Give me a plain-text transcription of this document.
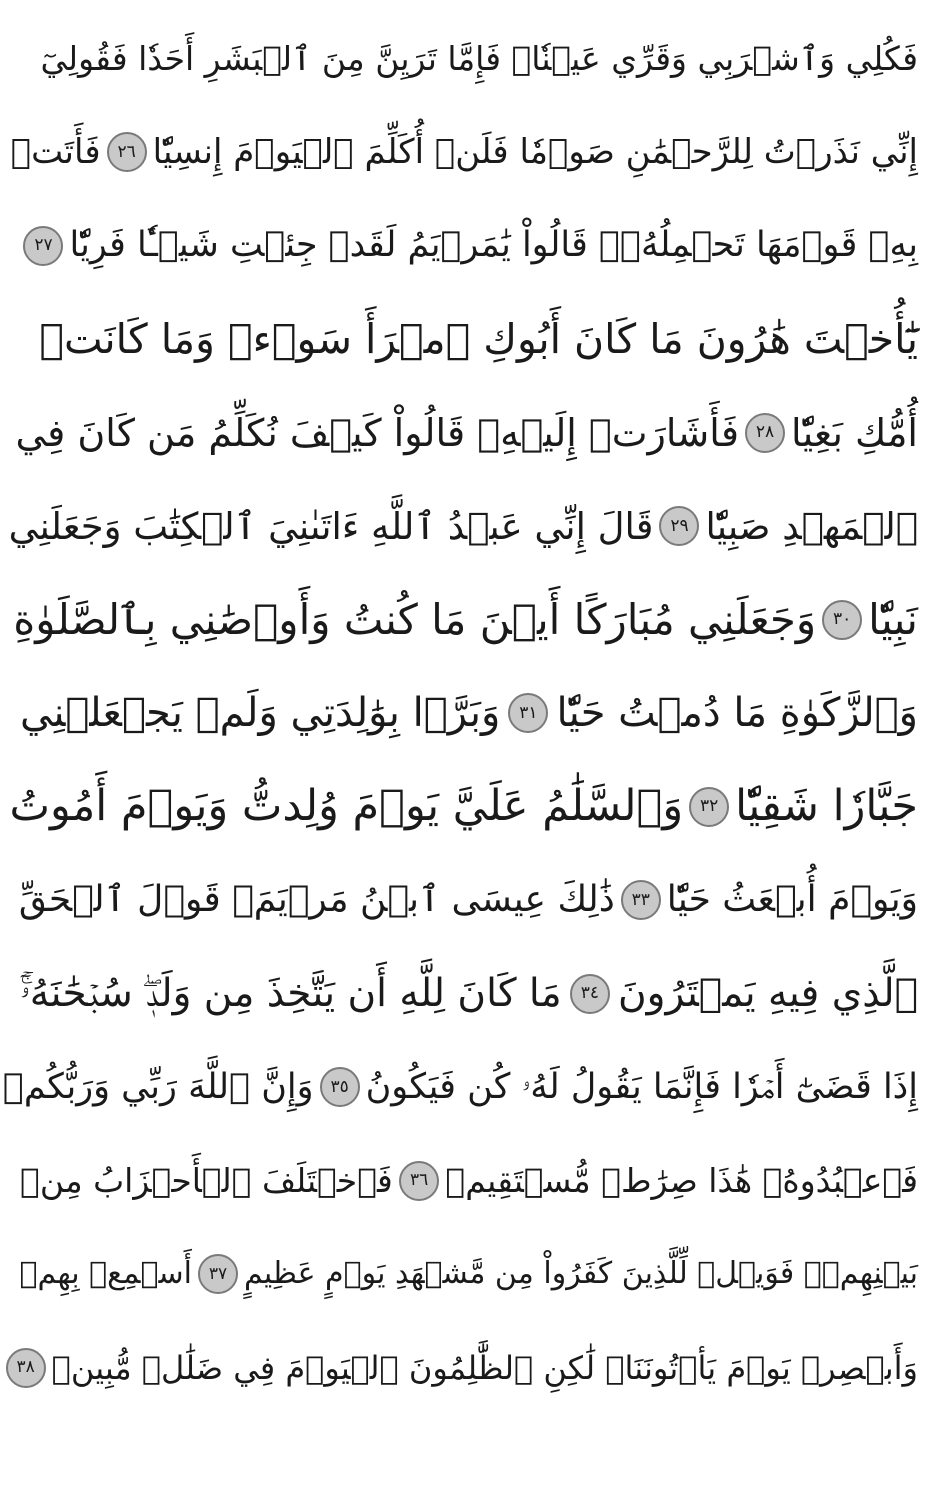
فَكُلِي وَٱشۡرَبِي وَقَرِّي عَيۡنٗاۖ فَإِمَّا تَرَيِنَّ مِنَ ٱلۡبَشَرِ أَحَدٗا فَقُولِيٓ
إِنِّي نَذَرۡتُ لِلرَّحۡمَٰنِ صَوۡمٗا فَلَنۡ أُكَلِّمَ ٱلۡيَوۡمَ إِنسِيّٗا
٢٦
فَأَتَتۡ
بِهِۦ قَوۡمَهَا تَحۡمِلُهُۥۖ قَالُواْ يَٰمَرۡيَمُ لَقَدۡ جِئۡتِ شَيۡـٔٗا فَرِيّٗا
٢٧
يَٰٓأُخۡتَ هَٰرُونَ مَا كَانَ أَبُوكِ ٱمۡرَأَ سَوۡءٖ وَمَا كَانَتۡ
أُمُّكِ بَغِيّٗا
٢٨
فَأَشَارَتۡ إِلَيۡهِۖ قَالُواْ كَيۡفَ نُكَلِّمُ مَن كَانَ فِي
ٱلۡمَهۡدِ صَبِيّٗا
٢٩
قَالَ إِنِّي عَبۡدُ ٱللَّهِ ءَاتَىٰنِيَ ٱلۡكِتَٰبَ وَجَعَلَنِي
نَبِيّٗا
٣٠
وَجَعَلَنِي مُبَارَكًا أَيۡنَ مَا كُنتُ وَأَوۡصَٰنِي بِٱلصَّلَوٰةِ
وَٱلزَّكَوٰةِ مَا دُمۡتُ حَيّٗا
٣١
وَبَرَّۢا بِوَٰلِدَتِي وَلَمۡ يَجۡعَلۡنِي
جَبَّارٗا شَقِيّٗا
٣٢
وَٱلسَّلَٰمُ عَلَيَّ يَوۡمَ وُلِدتُّ وَيَوۡمَ أَمُوتُ
وَيَوۡمَ أُبۡعَثُ حَيّٗا
٣٣
ذَٰلِكَ عِيسَى ٱبۡنُ مَرۡيَمَۖ قَوۡلَ ٱلۡحَقِّ
ٱلَّذِي فِيهِ يَمۡتَرُونَ
٣٤
مَا كَانَ لِلَّهِ أَن يَتَّخِذَ مِن وَلَدٖۖ سُبۡحَٰنَهُۥٓۚ
إِذَا قَضَىٰٓ أَمۡرٗا فَإِنَّمَا يَقُولُ لَهُۥ كُن فَيَكُونُ
٣٥
وَإِنَّ ٱللَّهَ رَبِّي وَرَبُّكُمۡ
فَٱعۡبُدُوهُۚ هَٰذَا صِرَٰطٞ مُّسۡتَقِيمٞ
٣٦
فَٱخۡتَلَفَ ٱلۡأَحۡزَابُ مِنۢ
بَيۡنِهِمۡۖ فَوَيۡلٞ لِّلَّذِينَ كَفَرُواْ مِن مَّشۡهَدِ يَوۡمٍ عَظِيمٍ
٣٧
أَسۡمِعۡ بِهِمۡ
وَأَبۡصِرۡ يَوۡمَ يَأۡتُونَنَاۖ لَٰكِنِ ٱلظَّٰلِمُونَ ٱلۡيَوۡمَ فِي ضَلَٰلٖ مُّبِينٖ
٣٨
